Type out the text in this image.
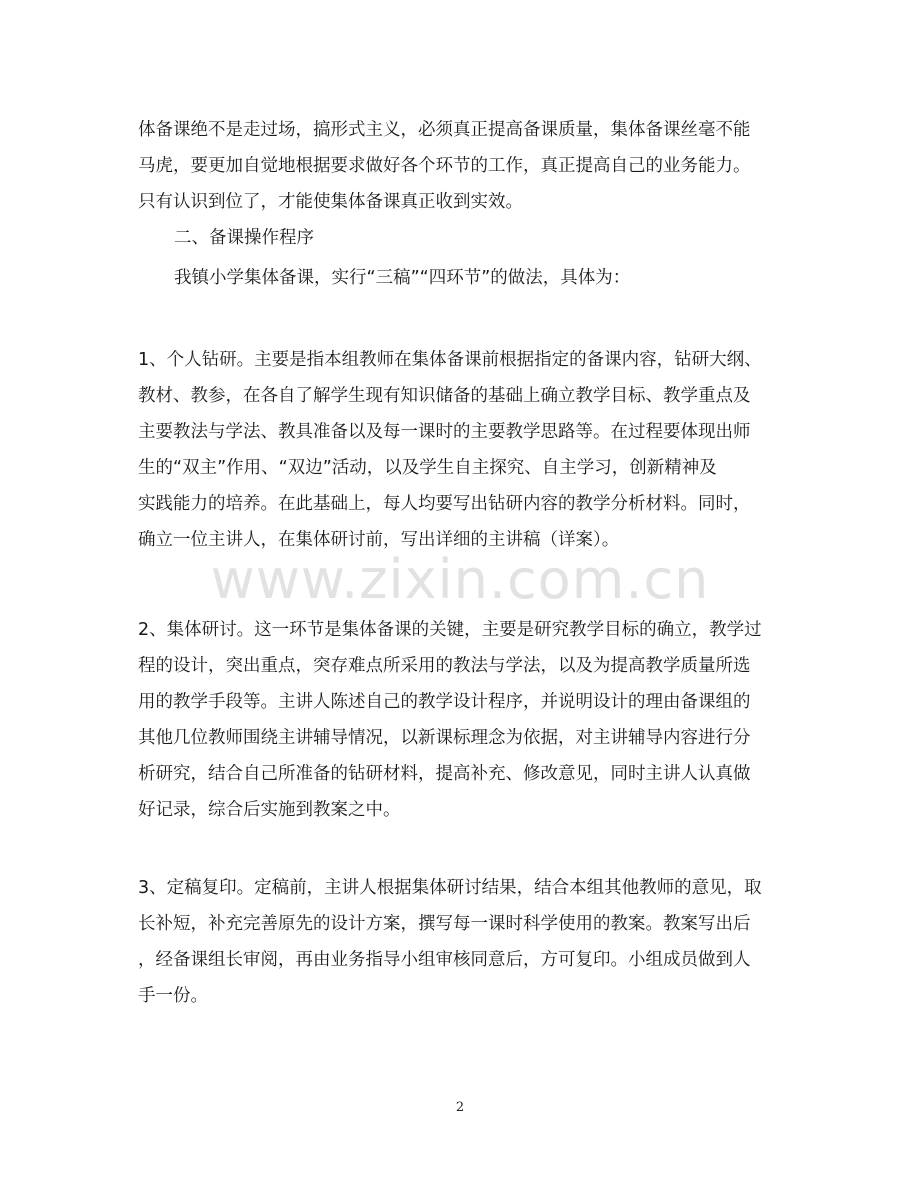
体备课绝不是走过场，搞形式主义，必须真正提高备课质量，集体备课丝毫不能
马虎，要更加自觉地根据要求做好各个环节的工作，真正提高自己的业务能力。
只有认识到位了，才能使集体备课真正收到实效。

二、备课操作程序

我镇小学集体备课，实行“三稿”“四环节”的做法，具体为：

1、个人钻研。主要是指本组教师在集体备课前根据指定的备课内容，钻研大纲、
教材、教参，在各自了解学生现有知识储备的基础上确立教学目标、教学重点及
主要教法与学法、教具准备以及每一课时的主要教学思路等。在过程要体现出师
生的“双主”作用、“双边”活动，以及学生自主探究、自主学习，创新精神及
实践能力的培养。在此基础上，每人均要写出钻研内容的教学分析材料。同时，
确立一位主讲人，在集体研讨前，写出详细的主讲稿（详案）。

www.zixin.com.cn

2、集体研讨。这一环节是集体备课的关键，主要是研究教学目标的确立，教学过
程的设计，突出重点，突存难点所采用的教法与学法，以及为提高教学质量所选
用的教学手段等。主讲人陈述自己的教学设计程序，并说明设计的理由备课组的
其他几位教师围绕主讲辅导情况，以新课标理念为依据，对主讲辅导内容进行分
析研究，结合自己所准备的钻研材料，提高补充、修改意见，同时主讲人认真做
好记录，综合后实施到教案之中。

3、定稿复印。定稿前，主讲人根据集体研讨结果，结合本组其他教师的意见，取
长补短，补充完善原先的设计方案，撰写每一课时科学使用的教案。教案写出后
，经备课组长审阅，再由业务指导小组审核同意后，方可复印。小组成员做到人
手一份。

2
